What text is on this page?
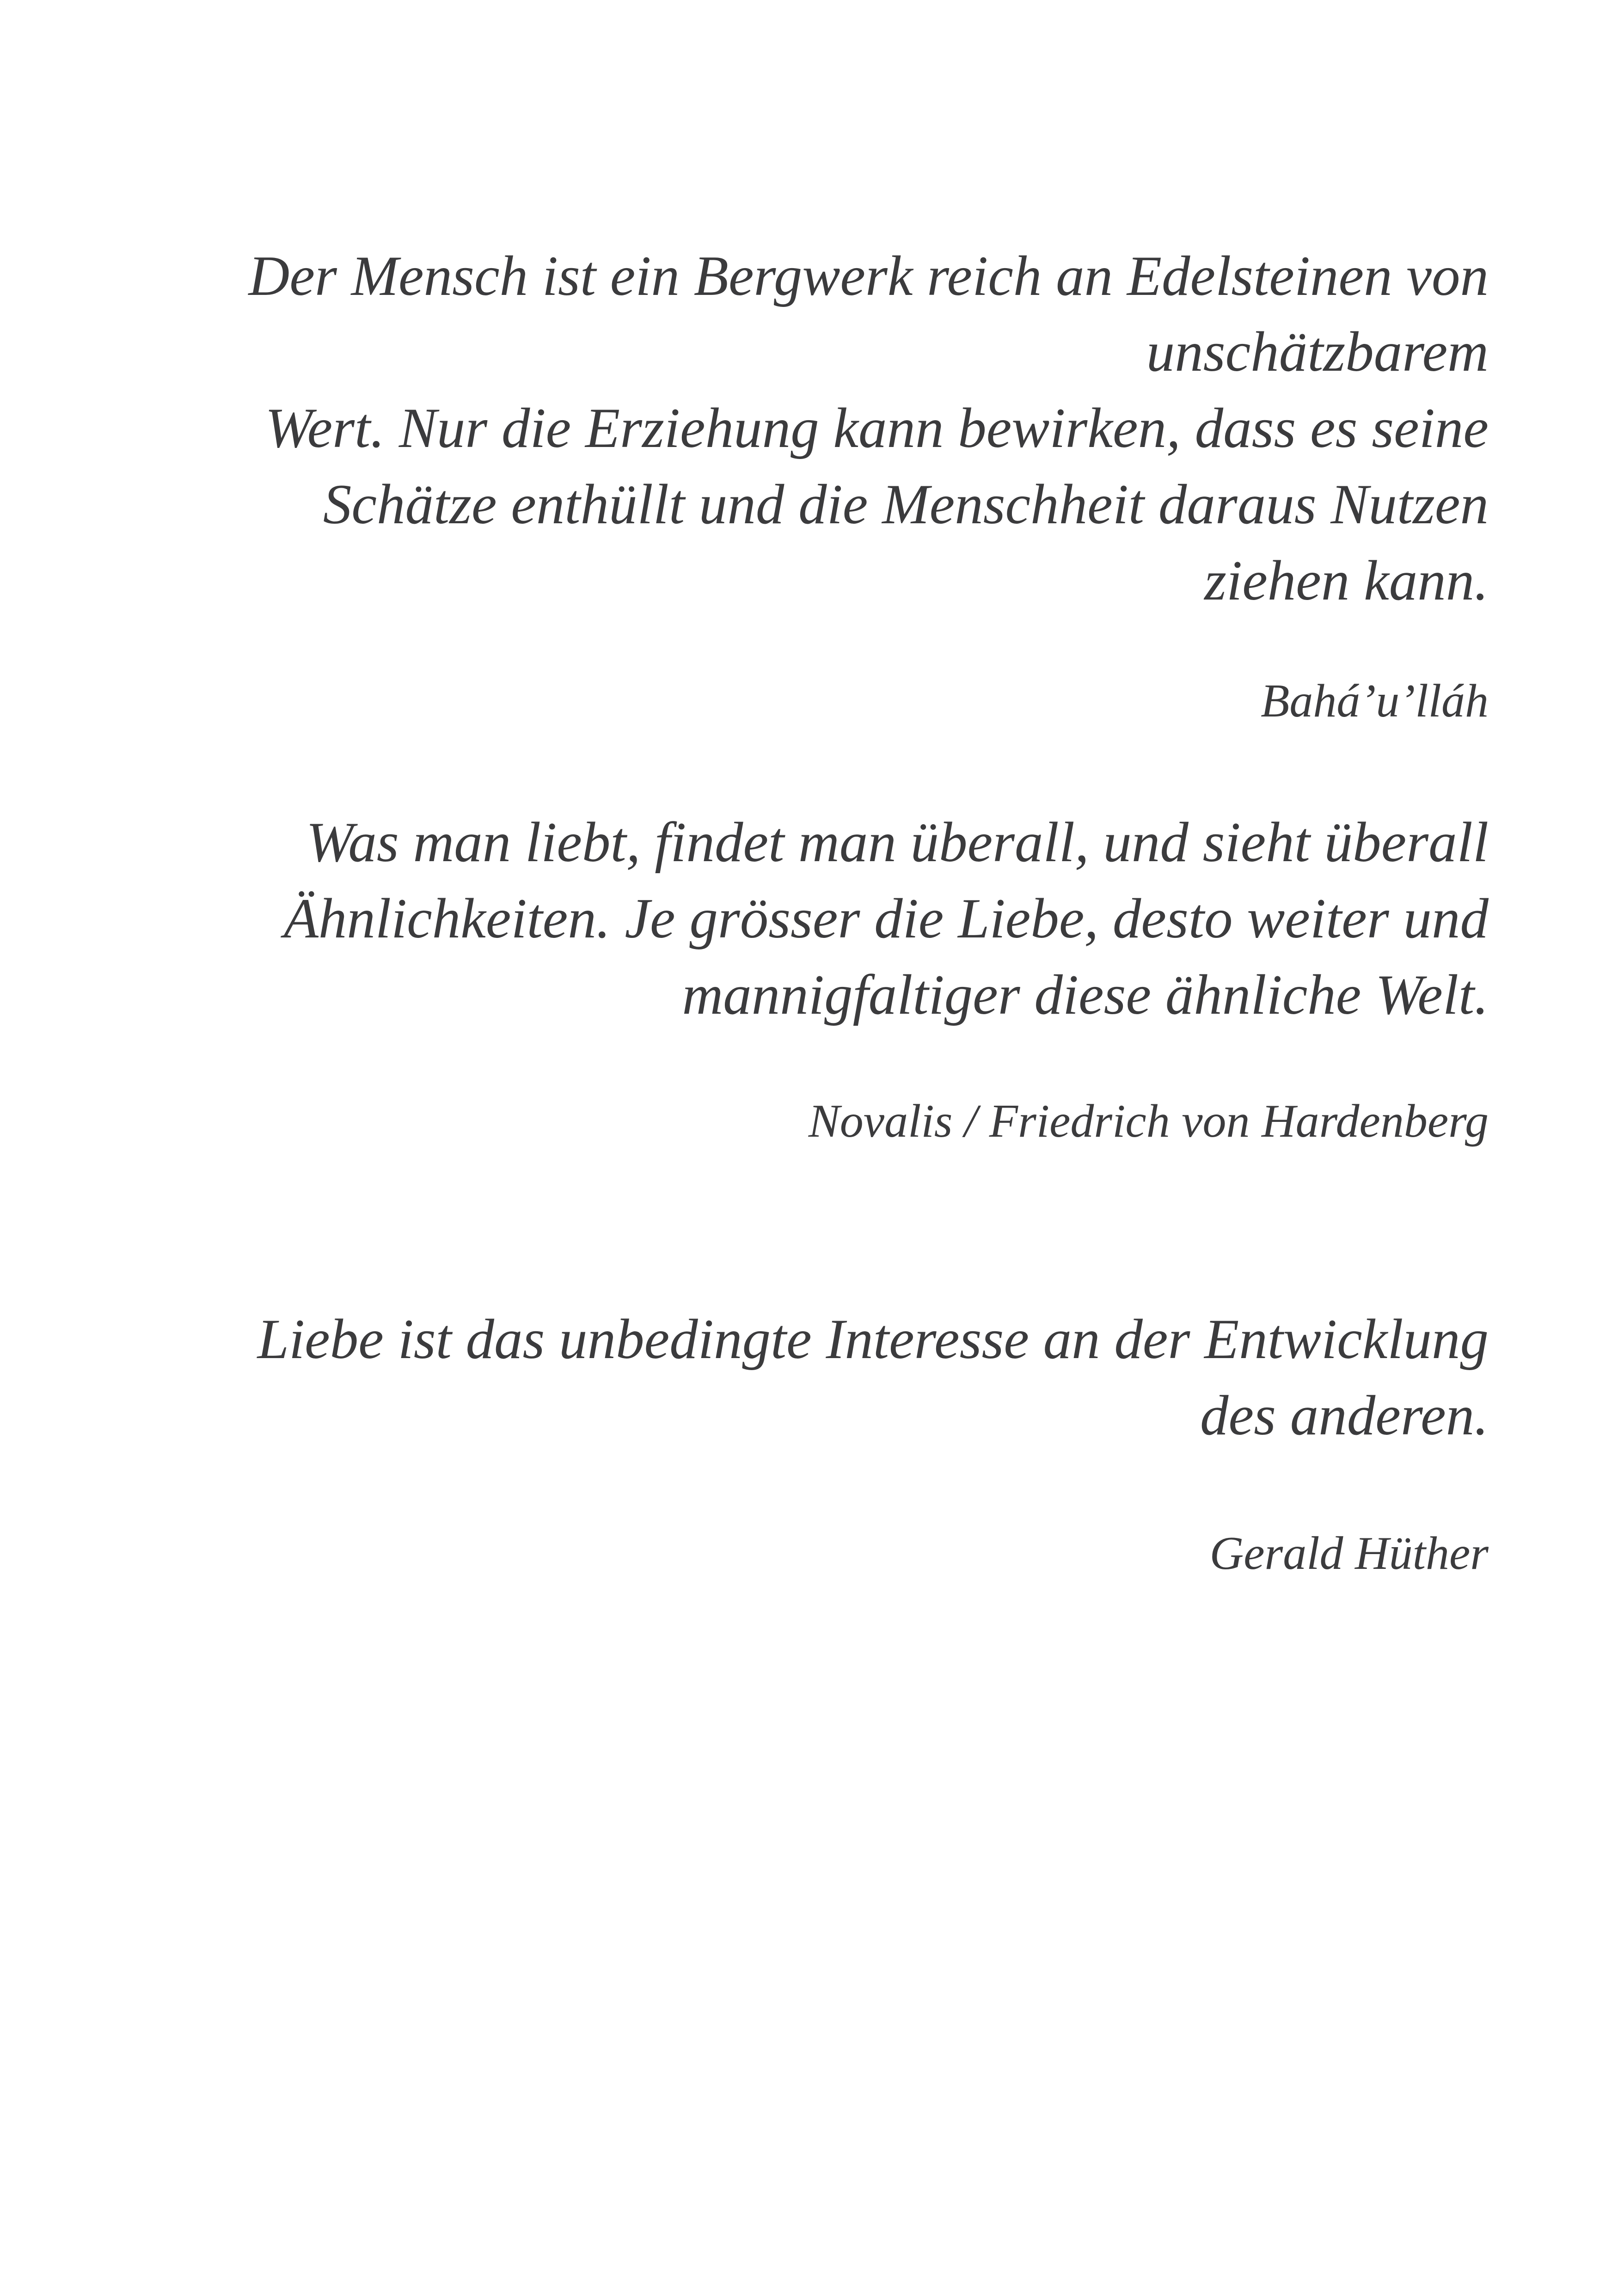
Der Mensch ist ein Bergwerk reich an Edelsteinen von
unschätzbarem
Wert. Nur die Erziehung kann bewirken, dass es seine
Schätze enthüllt und die Menschheit daraus Nutzen
ziehen kann.
Bahá’u’lláh
Was man liebt, findet man überall, und sieht überall
Ähnlichkeiten. Je grösser die Liebe, desto weiter und
mannigfaltiger diese ähnliche Welt.
Novalis / Friedrich von Hardenberg
Liebe ist das unbedingte Interesse an der Entwicklung
des anderen.
Gerald Hüther
